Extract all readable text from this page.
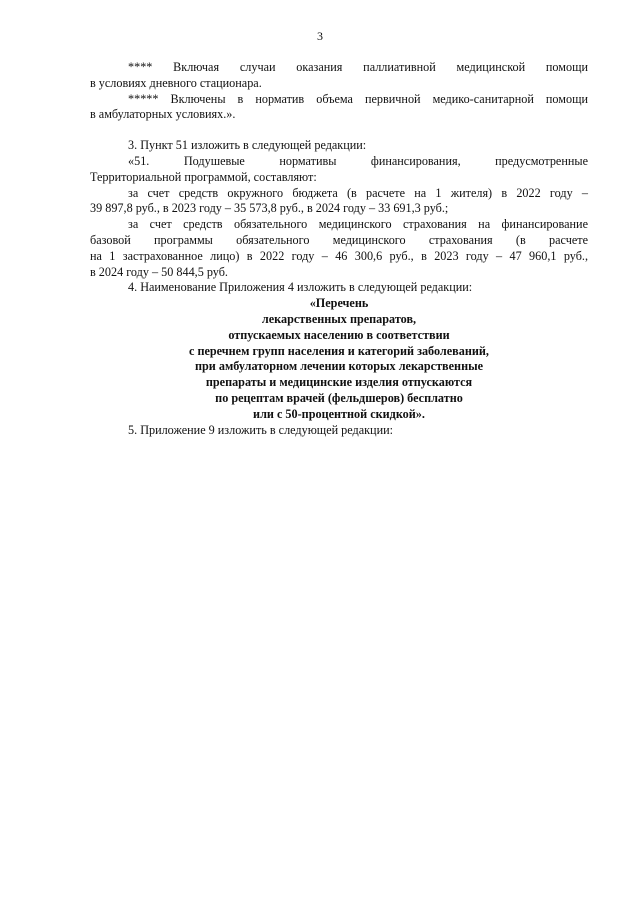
3
**** Включая случаи оказания паллиативной медицинской помощи
в условиях дневного стационара.
***** Включены в норматив объема первичной медико-санитарной помощи
в амбулаторных условиях.».
3. Пункт 51 изложить в следующей редакции:
«51. Подушевые нормативы финансирования, предусмотренные
Территориальной программой, составляют:
за счет средств окружного бюджета (в расчете на 1 жителя) в 2022 году –
39 897,8 руб., в 2023 году – 35 573,8 руб., в 2024 году – 33 691,3 руб.;
за счет средств обязательного медицинского страхования на финансирование
базовой программы обязательного медицинского страхования (в расчете
на 1 застрахованное лицо) в 2022 году – 46 300,6 руб., в 2023 году – 47 960,1 руб.,
в 2024 году – 50 844,5 руб.
4. Наименование Приложения 4 изложить в следующей редакции:
«Перечень
лекарственных препаратов,
отпускаемых населению в соответствии
с перечнем групп населения и категорий заболеваний,
при амбулаторном лечении которых лекарственные
препараты и медицинские изделия отпускаются
по рецептам врачей (фельдшеров) бесплатно
или с 50-процентной скидкой».
5. Приложение 9 изложить в следующей редакции:
